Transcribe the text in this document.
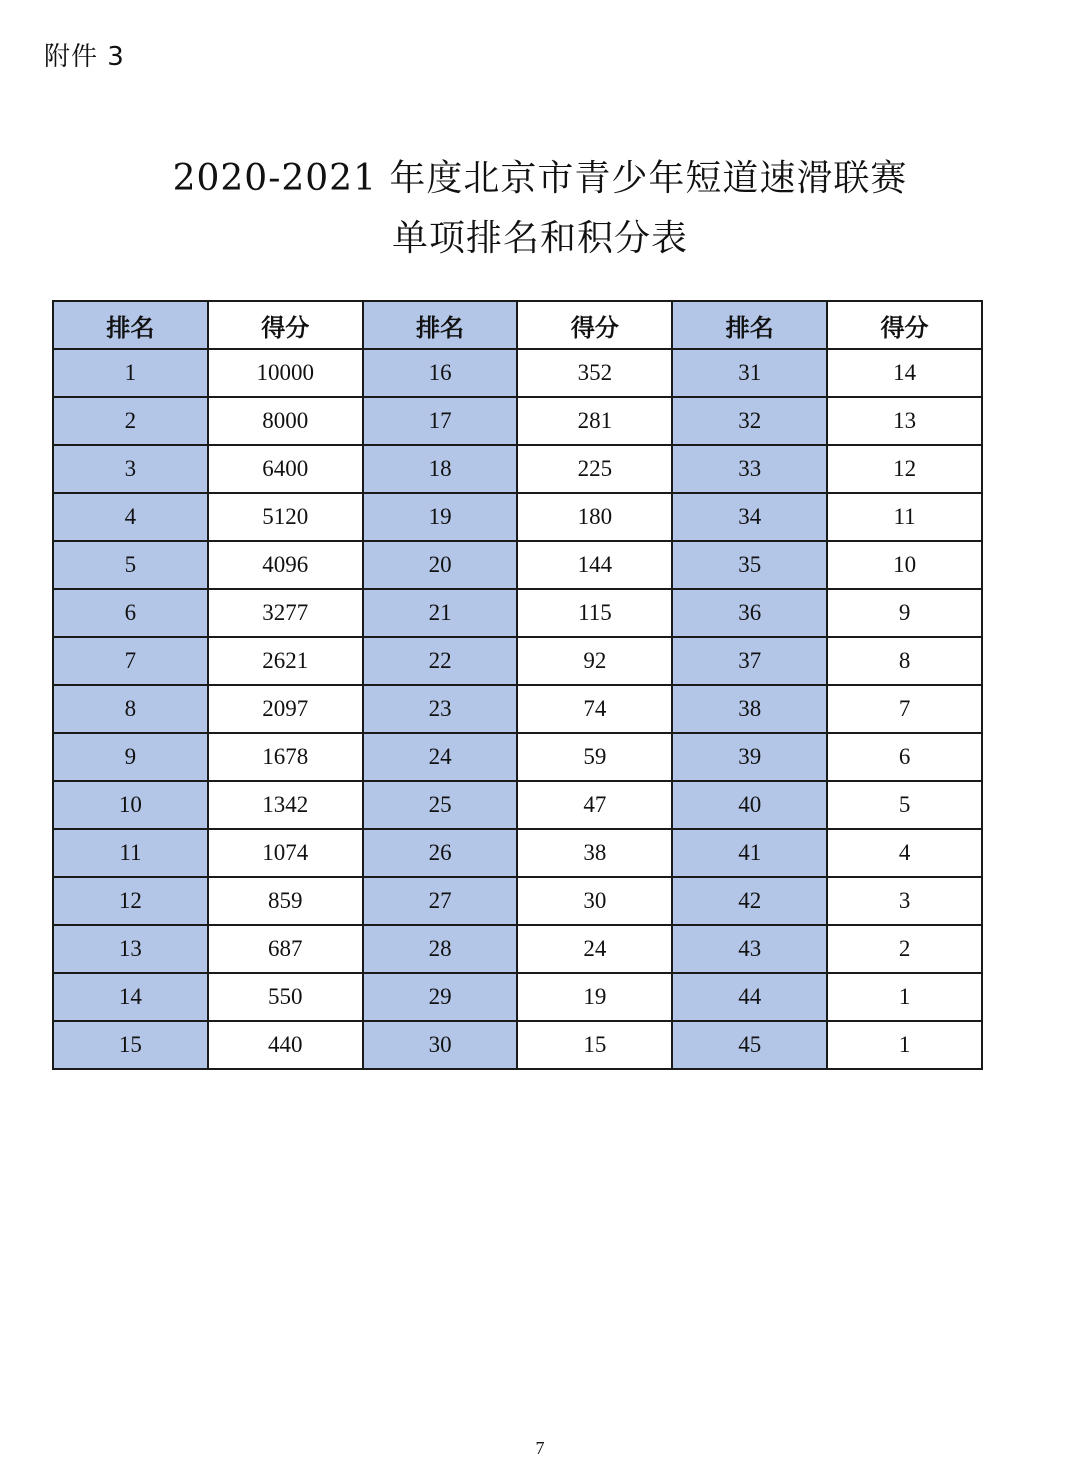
附件 3
2020-2021 年度北京市青少年短道速滑联赛
单项排名和积分表
排名	得分	排名	得分	排名	得分
1	10000	16	352	31	14
2	8000	17	281	32	13
3	6400	18	225	33	12
4	5120	19	180	34	11
5	4096	20	144	35	10
6	3277	21	115	36	9
7	2621	22	92	37	8
8	2097	23	74	38	7
9	1678	24	59	39	6
10	1342	25	47	40	5
11	1074	26	38	41	4
12	859	27	30	42	3
13	687	28	24	43	2
14	550	29	19	44	1
15	440	30	15	45	1
7
